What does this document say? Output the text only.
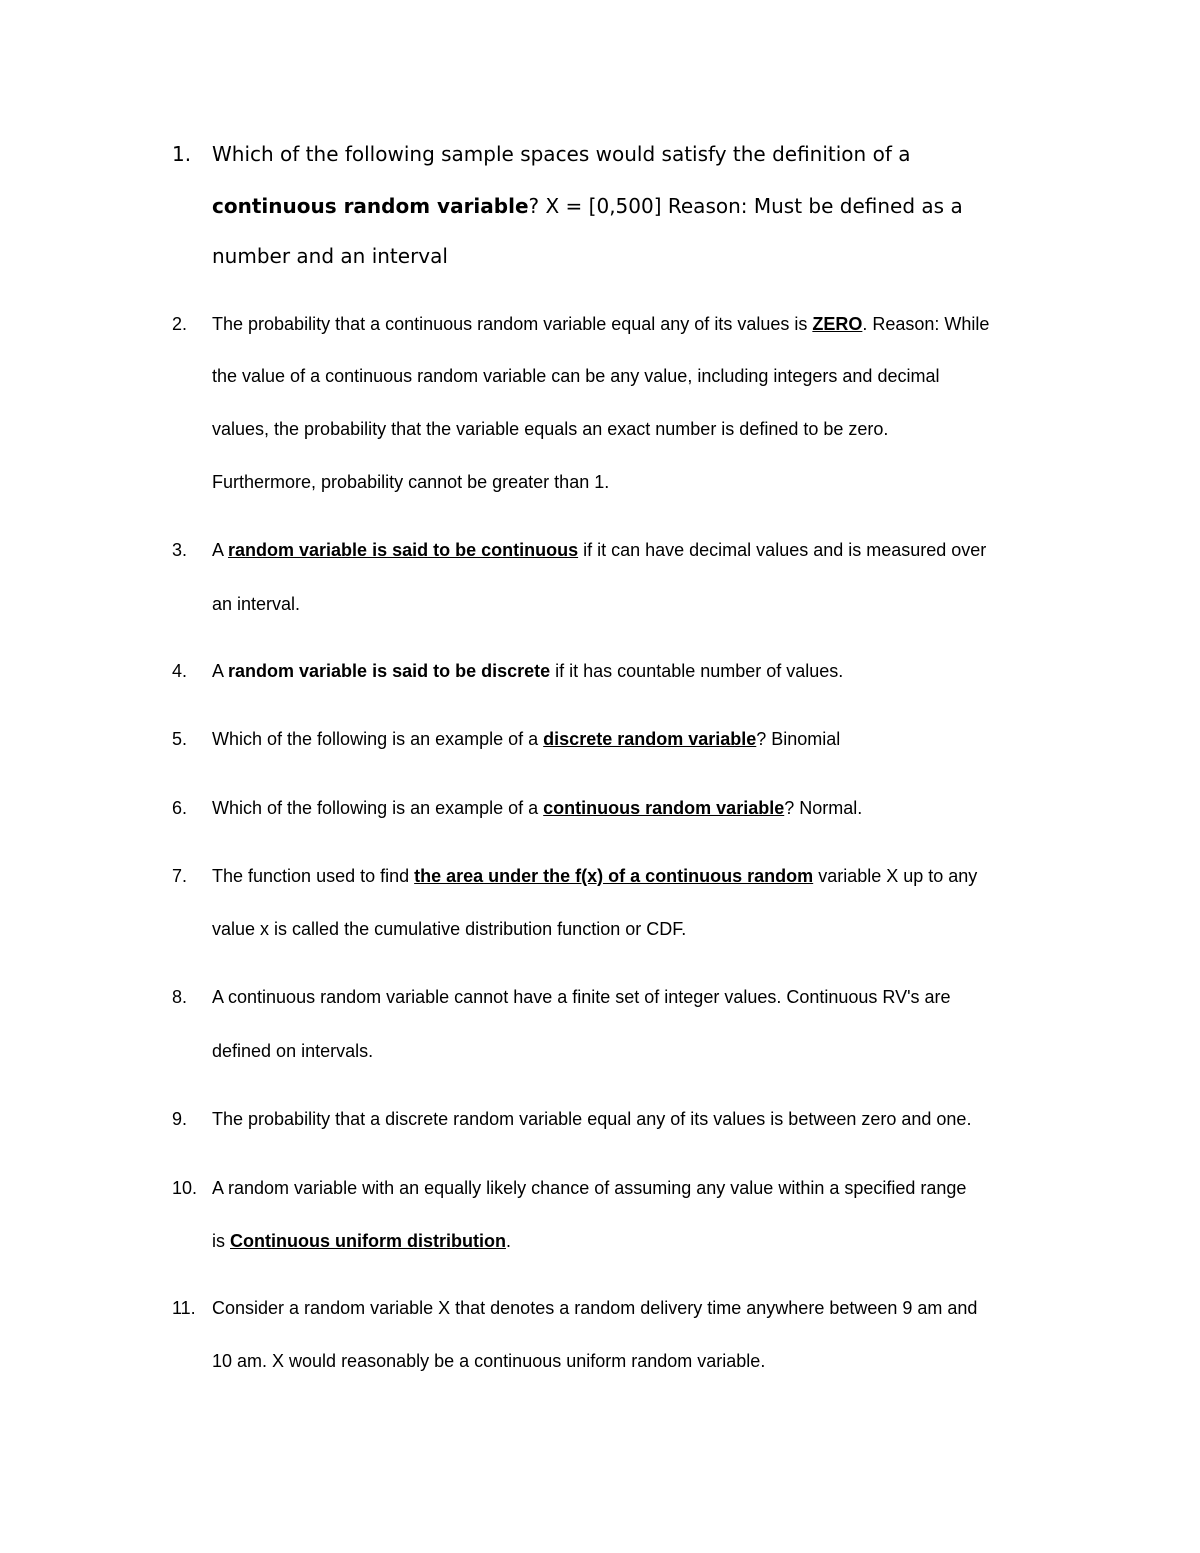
1.	Which of the following sample spaces would satisfy the definition of a
continuous random variable? X = [0,500] Reason: Must be defined as a
number and an interval
2.	The probability that a continuous random variable equal any of its values is ZERO. Reason: While
the value of a continuous random variable can be any value, including integers and decimal
values, the probability that the variable equals an exact number is defined to be zero.
Furthermore, probability cannot be greater than 1.
3.	A random variable is said to be continuous if it can have decimal values and is measured over
an interval.
4.	A random variable is said to be discrete if it has countable number of values.
5.	Which of the following is an example of a discrete random variable? Binomial
6.	Which of the following is an example of a continuous random variable? Normal.
7.	The function used to find the area under the f(x) of a continuous random variable X up to any
value x is called the cumulative distribution function or CDF.
8.	A continuous random variable cannot have a finite set of integer values. Continuous RV's are
defined on intervals.
9.	The probability that a discrete random variable equal any of its values is between zero and one.
10. A random variable with an equally likely chance of assuming any value within a specified range
is Continuous uniform distribution.
11. Consider a random variable X that denotes a random delivery time anywhere between 9 am and
10 am. X would reasonably be a continuous uniform random variable.
